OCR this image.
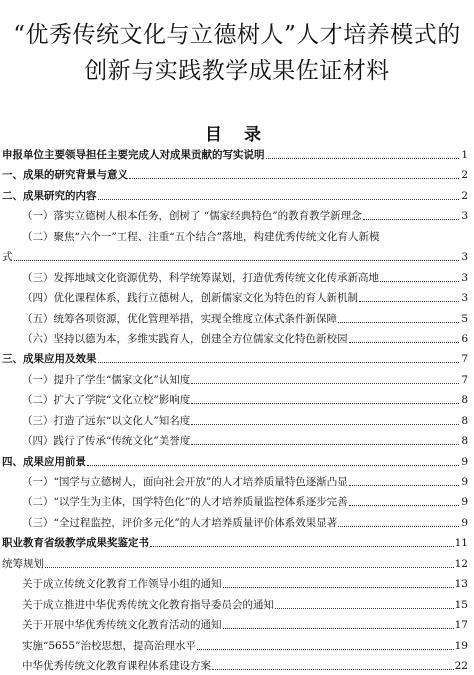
“优秀传统文化与立德树人”人才培养模式的
创新与实践教学成果佐证材料
目 录
申报单位主要领导担任主要完成人对成果贡献的写实说明	1
一、成果的研究背景与意义	2
二、成果研究的内容	2
（一）落实立德树人根本任务，创树了 “儒家经典特色”的教育教学新理念	3
（二）聚焦“六个一”工程、注重“五个结合”落地，构建优秀传统文化育人新模
式	3
（三）发挥地域文化资源优势，科学统筹谋划，打造优秀传统文化传承新高地	3
（四）优化课程体系，践行立德树人，创新儒家文化为特色的育人新机制	3
（五）统筹各项资源，优化管理举措，实现全维度立体式条件新保障	5
（六）坚持以德为本，多维实践育人，创建全方位儒家文化特色新校园	6
三、成果应用及效果	7
（一）提升了学生“儒家文化”认知度	7
（二）扩大了学院“文化立校”影响度	8
（三）打造了远东“以文化人”知名度	8
（四）践行了传承“传统文化”美誉度	8
四、成果应用前景	9
（一）“国学与立德树人，面向社会开放”的人才培养质量特色逐渐凸显	9
（二）“以学生为主体，国学特色化”的人才培养质量监控体系逐步完善	9
（三）“全过程监控，评价多元化”的人才培养质量评价体系效果显著	9
职业教育省级教学成果奖鉴定书	11
统筹规划	12
关于成立传统文化教育工作领导小组的通知	13
关于成立推进中华优秀传统文化教育指导委员会的通知	15
关于开展中华优秀传统文化教育活动的通知	17
实施“5655”治校思想，提高治理水平	19
中华优秀传统文化教育课程体系建设方案	22
